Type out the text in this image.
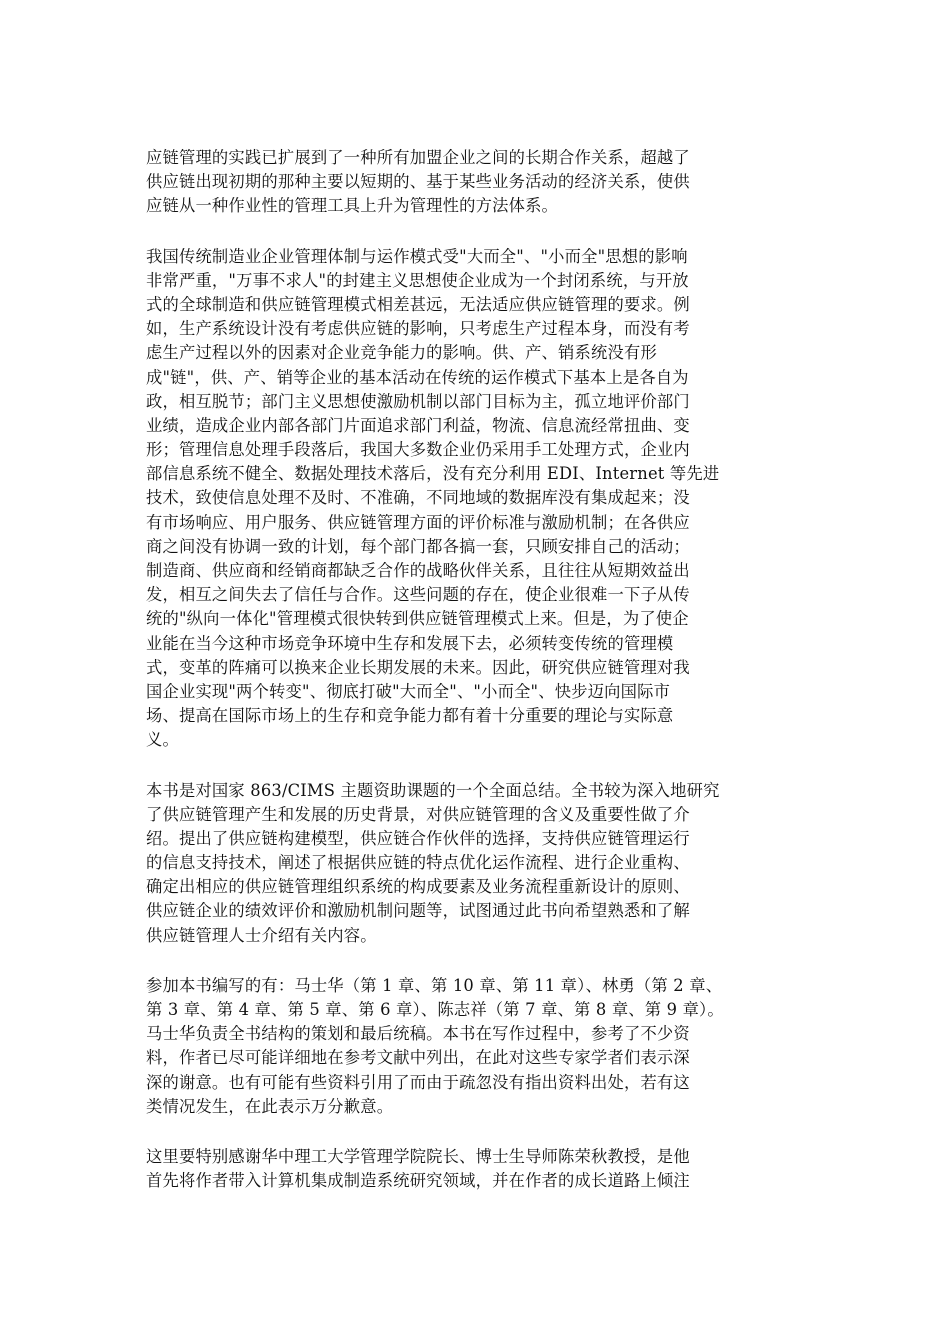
应链管理的实践已扩展到了一种所有加盟企业之间的长期合作关系，超越了
供应链出现初期的那种主要以短期的、基于某些业务活动的经济关系，使供
应链从一种作业性的管理工具上升为管理性的方法体系。
我国传统制造业企业管理体制与运作模式受"大而全"、"小而全"思想的影响
非常严重，"万事不求人"的封建主义思想使企业成为一个封闭系统，与开放
式的全球制造和供应链管理模式相差甚远，无法适应供应链管理的要求。例
如，生产系统设计没有考虑供应链的影响，只考虑生产过程本身，而没有考
虑生产过程以外的因素对企业竞争能力的影响。供、产、销系统没有形
成"链"，供、产、销等企业的基本活动在传统的运作模式下基本上是各自为
政，相互脱节；部门主义思想使激励机制以部门目标为主，孤立地评价部门
业绩，造成企业内部各部门片面追求部门利益，物流、信息流经常扭曲、变
形；管理信息处理手段落后，我国大多数企业仍采用手工处理方式，企业内
部信息系统不健全、数据处理技术落后，没有充分利用 EDI、Internet 等先进
技术，致使信息处理不及时、不准确，不同地域的数据库没有集成起来；没
有市场响应、用户服务、供应链管理方面的评价标准与激励机制；在各供应
商之间没有协调一致的计划，每个部门都各搞一套，只顾安排自己的活动；
制造商、供应商和经销商都缺乏合作的战略伙伴关系，且往往从短期效益出
发，相互之间失去了信任与合作。这些问题的存在，使企业很难一下子从传
统的"纵向一体化"管理模式很快转到供应链管理模式上来。但是，为了使企
业能在当今这种市场竞争环境中生存和发展下去，必须转变传统的管理模
式，变革的阵痛可以换来企业长期发展的未来。因此，研究供应链管理对我
国企业实现"两个转变"、彻底打破"大而全"、"小而全"、快步迈向国际市
场、提高在国际市场上的生存和竞争能力都有着十分重要的理论与实际意
义。
本书是对国家 863/CIMS 主题资助课题的一个全面总结。全书较为深入地研究
了供应链管理产生和发展的历史背景，对供应链管理的含义及重要性做了介
绍。提出了供应链构建模型，供应链合作伙伴的选择，支持供应链管理运行
的信息支持技术，阐述了根据供应链的特点优化运作流程、进行企业重构、
确定出相应的供应链管理组织系统的构成要素及业务流程重新设计的原则、
供应链企业的绩效评价和激励机制问题等，试图通过此书向希望熟悉和了解
供应链管理人士介绍有关内容。
参加本书编写的有：马士华（第 1 章、第 10 章、第 11 章）、林勇（第 2 章、
第 3 章、第 4 章、第 5 章、第 6 章）、陈志祥（第 7 章、第 8 章、第 9 章）。
马士华负责全书结构的策划和最后统稿。本书在写作过程中，参考了不少资
料，作者已尽可能详细地在参考文献中列出，在此对这些专家学者们表示深
深的谢意。也有可能有些资料引用了而由于疏忽没有指出资料出处，若有这
类情况发生，在此表示万分歉意。
这里要特别感谢华中理工大学管理学院院长、博士生导师陈荣秋教授，是他
首先将作者带入计算机集成制造系统研究领域，并在作者的成长道路上倾注
